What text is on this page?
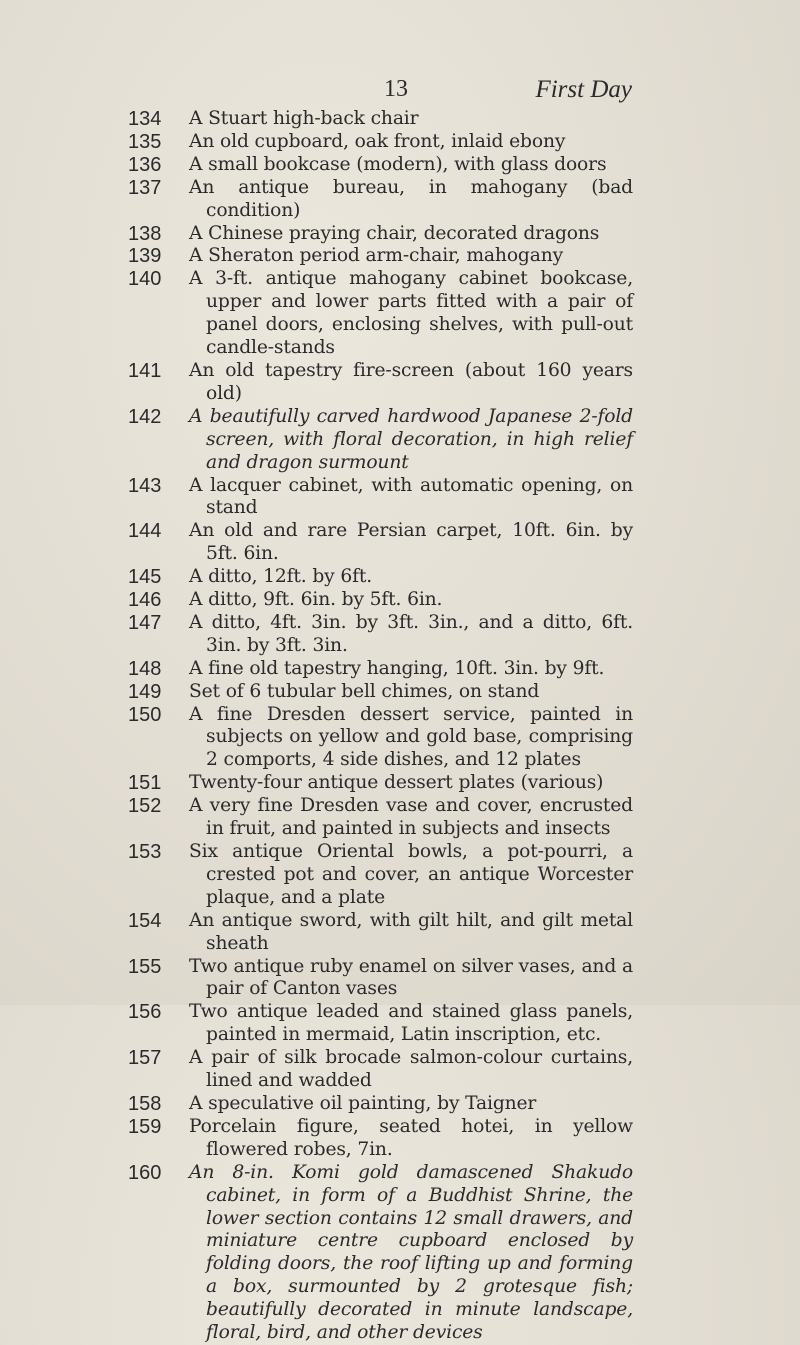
13	First Day
134	A Stuart high-back chair
135	An old cupboard, oak front, inlaid ebony
136	A small bookcase (modern), with glass doors
137	An antique bureau, in mahogany (bad condition)
138	A Chinese praying chair, decorated dragons
139	A Sheraton period arm-chair, mahogany
140	A 3-ft. antique mahogany cabinet bookcase, upper and lower parts fitted with a pair of panel doors, enclosing shelves, with pull-out candle-stands
141	An old tapestry fire-screen (about 160 years old)
142	A beautifully carved hardwood Japanese 2-fold screen, with floral decoration, in high relief and dragon surmount
143	A lacquer cabinet, with automatic opening, on stand
144	An old and rare Persian carpet, 10ft. 6in. by 5ft. 6in.
145	A ditto, 12ft. by 6ft.
146	A ditto, 9ft. 6in. by 5ft. 6in.
147	A ditto, 4ft. 3in. by 3ft. 3in., and a ditto, 6ft. 3in. by 3ft. 3in.
148	A fine old tapestry hanging, 10ft. 3in. by 9ft.
149	Set of 6 tubular bell chimes, on stand
150	A fine Dresden dessert service, painted in subjects on yellow and gold base, comprising 2 comports, 4 side dishes, and 12 plates
151	Twenty-four antique dessert plates (various)
152	A very fine Dresden vase and cover, encrusted in fruit, and painted in subjects and insects
153	Six antique Oriental bowls, a pot-pourri, a crested pot and cover, an antique Worcester plaque, and a plate
154	An antique sword, with gilt hilt, and gilt metal sheath
155	Two antique ruby enamel on silver vases, and a pair of Canton vases
156	Two antique leaded and stained glass panels, painted in mermaid, Latin inscription, etc.
157	A pair of silk brocade salmon-colour curtains, lined and wadded
158	A speculative oil painting, by Taigner
159	Porcelain figure, seated hotei, in yellow flowered robes, 7in.
160	An 8-in. Komi gold damascened Shakudo cabinet, in form of a Buddhist Shrine, the lower section contains 12 small drawers, and miniature centre cupboard enclosed by folding doors, the roof lifting up and forming a box, surmounted by 2 grotesque fish; beautifully decorated in minute landscape, floral, bird, and other devices
